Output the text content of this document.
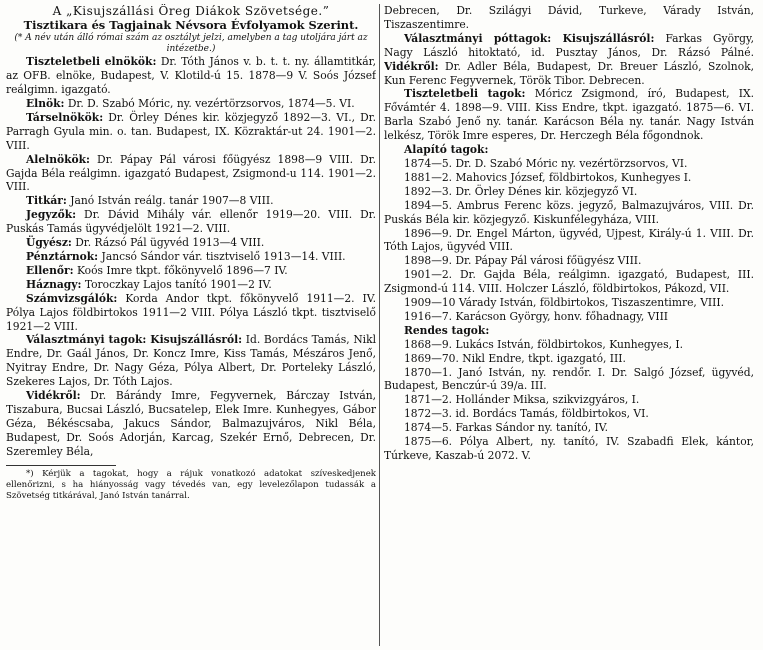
A „Kisujszállási Öreg Diákok Szövetsége.”

Tisztikara és Tagjainak Névsora Évfolyamok Szerint.

(* A név után álló római szám az osztályt jelzi, amelyben a tag utoljára járt az intézetbe.)

Tiszteletbeli elnökök: Dr. Tóth János v. b. t. t. ny. államtitkár, az OFB. elnöke, Budapest, V. Klotild-ú 15. 1878—9 V. Soós József reálgimn. igazgató.

Elnök: Dr. D. Szabó Móric, ny. vezértörzsorvos, 1874—5. VI.

Társelnökök: Dr. Örley Dénes kir. közjegyző 1892—3. VI., Dr. Parragh Gyula min. o. tan. Budapest, IX. Közraktár-ut 24. 1901—2. VIII.

Alelnökök: Dr. Pápay Pál városi főügyész 1898—9 VIII. Dr. Gajda Béla reálgimn. igazgató Budapest, Zsigmond-u 114. 1901—2. VIII.

Titkár: Janó István reálg. tanár 1907—8 VIII.

Jegyzők: Dr. Dávid Mihály vár. ellenőr 1919—20. VIII. Dr. Puskás Tamás ügyvédjelölt 1921—2. VIII.

Ügyész: Dr. Rázsó Pál ügyvéd 1913—4 VIII.

Pénztárnok: Jancsó Sándor vár. tisztviselő 1913—14. VIII.

Ellenőr: Koós Imre tkpt. főkönyvelő 1896—7 IV.

Háznagy: Toroczkay Lajos tanító 1901—2 IV.

Számvizsgálók: Korda Andor tkpt. főkönyvelő 1911—2. IV. Pólya Lajos földbirtokos 1911—2 VIII. Pólya László tkpt. tisztviselő 1921—2 VIII.

Választmányi tagok: Kisujszállásról: Id. Bordács Tamás, Nikl Endre, Dr. Gaál János, Dr. Koncz Imre, Kiss Tamás, Mészáros Jenő, Nyitray Endre, Dr. Nagy Géza, Pólya Albert, Dr. Porteleky László, Szekeres Lajos, Dr. Tóth Lajos.

Vidékről: Dr. Bárándy Imre, Fegyvernek, Bárczay István, Tiszabura, Bucsai László, Bucsatelep, Elek Imre. Kunhegyes, Gábor Géza, Békéscsaba, Jakucs Sándor, Balmazujváros, Nikl Béla, Budapest, Dr. Soós Adorján, Karcag, Szekér Ernő, Debrecen, Dr. Szeremley Béla,

*) Kérjük a tagokat, hogy a rájuk vonatkozó adatokat szíveskedjenek ellenőrizni, s ha hiányosság vagy tévedés van, egy levelezőlapon tudassák a Szövetség titkárával, Janó István tanárral.

Debrecen, Dr. Szilágyi Dávid, Turkeve, Várady István, Tiszaszentimre.

Választmányi póttagok: Kisujszállásról: Farkas György, Nagy László hitoktató, id. Pusztay János, Dr. Rázsó Pálné. Vidékről: Dr. Adler Béla, Budapest, Dr. Breuer László, Szolnok, Kun Ferenc Fegyvernek, Török Tibor. Debrecen.

Tiszteletbeli tagok: Móricz Zsigmond, író, Budapest, IX. Fővámtér 4. 1898—9. VIII. Kiss Endre, tkpt. igazgató. 1875—6. VI. Barla Szabó Jenő ny. tanár. Karácson Béla ny. tanár. Nagy István lelkész, Török Imre esperes, Dr. Herczegh Béla főgondnok.

Alapító tagok:

1874—5. Dr. D. Szabó Móric ny. vezértörzsorvos, VI.

1881—2. Mahovics József, földbirtokos, Kunhegyes I.

1892—3. Dr. Örley Dénes kir. közjegyző VI.

1894—5. Ambrus Ferenc közs. jegyző, Balmazujváros, VIII. Dr. Puskás Béla kir. közjegyző. Kiskunfélegyháza, VIII.

1896—9. Dr. Engel Márton, ügyvéd, Ujpest, Király-ú 1. VIII. Dr. Tóth Lajos, ügyvéd VIII.

1898—9. Dr. Pápay Pál városi főügyész VIII.

1901—2. Dr. Gajda Béla, reálgimn. igazgató, Budapest, III. Zsigmond-ú 114. VIII. Holczer László, földbirtokos, Pákozd, VII.

1909—10 Várady István, földbirtokos, Tiszaszentimre, VIII.

1916—7. Karácson György, honv. főhadnagy, VIII

Rendes tagok:

1868—9. Lukács István, földbirtokos, Kunhegyes, I.

1869—70. Nikl Endre, tkpt. igazgató, III.

1870—1. Janó István, ny. rendőr. I. Dr. Salgó József, ügyvéd, Budapest, Benczúr-ú 39/a. III.

1871—2. Hollánder Miksa, szikvizgyáros, I.

1872—3. id. Bordács Tamás, földbirtokos, VI.

1874—5. Farkas Sándor ny. tanító, IV.

1875—6. Pólya Albert, ny. tanító, IV. Szabadfi Elek, kántor, Túrkeve, Kaszab-ú 2072. V.
